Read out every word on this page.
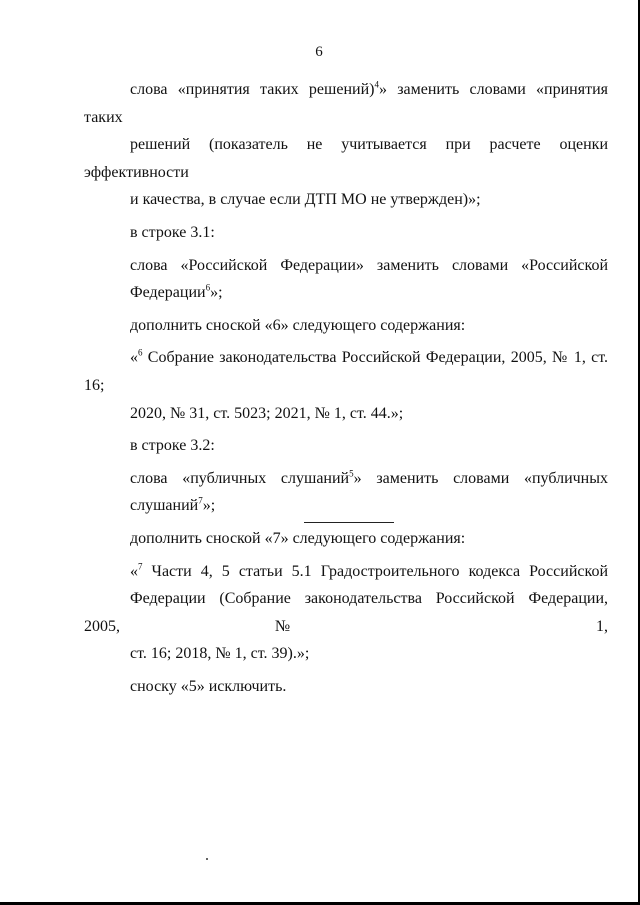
6

слова «принятия таких решений)$^4$» заменить словами «принятия таких
решений (показатель не учитывается при расчете оценки эффективности
и качества, в случае если ДТП МО не утвержден)»;

в строке 3.1:

слова «Российской Федерации» заменить словами «Российской
Федерации$^6$»;

дополнить сноской «6» следующего содержания:

«$^6$ Собрание законодательства Российской Федерации, 2005, № 1, ст. 16;
2020, № 31, ст. 5023; 2021, № 1, ст. 44.»;

в строке 3.2:

слова «публичных слушаний$^5$» заменить словами «публичных
слушаний$^7$»;

дополнить сноской «7» следующего содержания:

«$^7$ Части 4, 5 статьи 5.1 Градостроительного кодекса Российской
Федерации (Собрание законодательства Российской Федерации, 2005, № 1,
ст. 16; 2018, № 1, ст. 39).»;

сноску «5» исключить.
